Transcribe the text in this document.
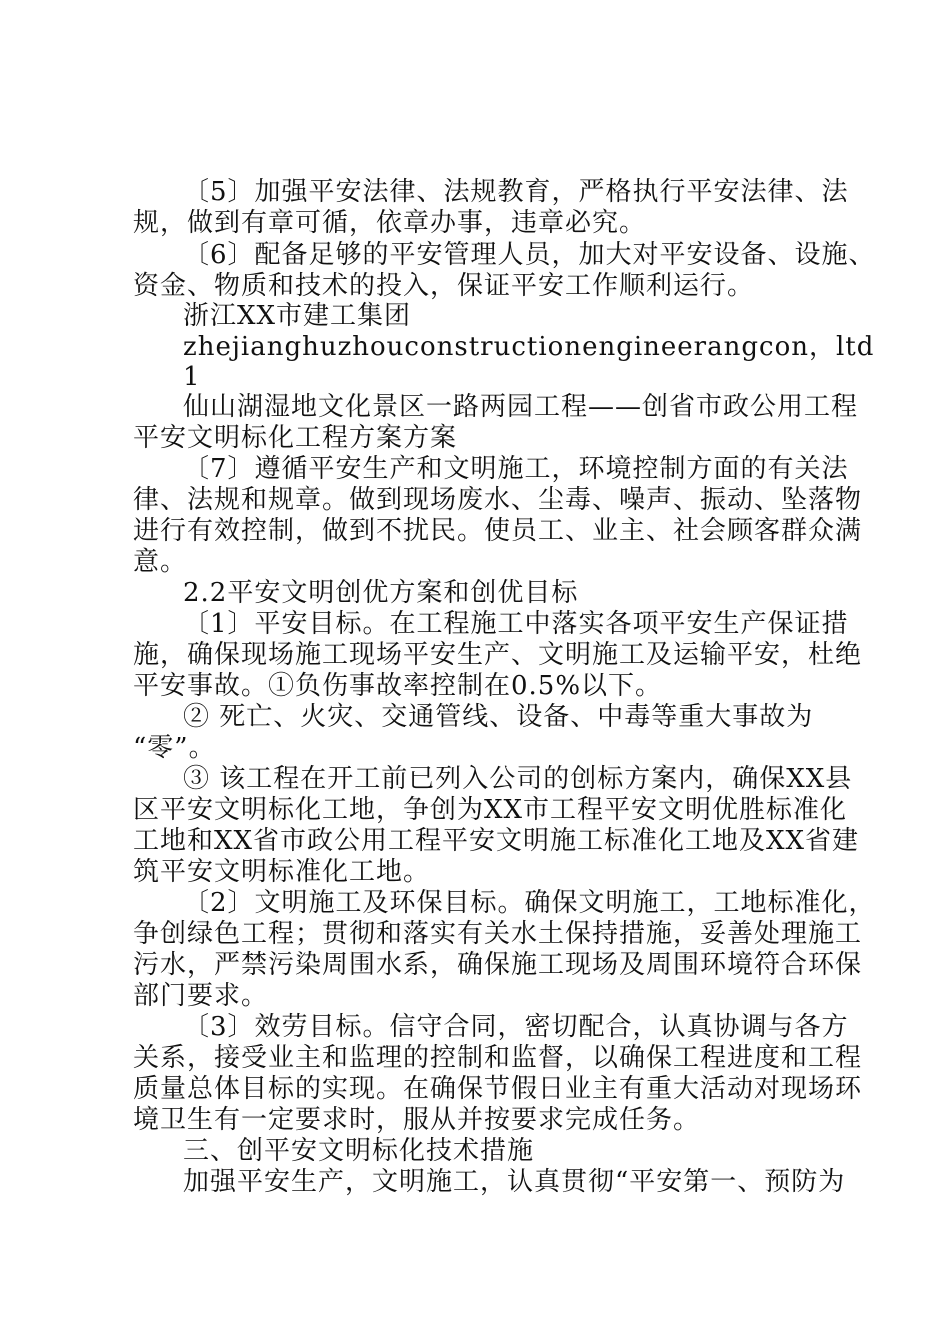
〔5〕加强平安法律、法规教育，严格执行平安法律、法
规，做到有章可循，依章办事，违章必究。
〔6〕配备足够的平安管理人员，加大对平安设备、设施、
资金、物质和技术的投入，保证平安工作顺利运行。
浙江XX市建工集团
zhejianghuzhouconstructionengineerangcon，ltd
1
仙山湖湿地文化景区一路两园工程——创省市政公用工程
平安文明标化工程方案方案
〔7〕遵循平安生产和文明施工，环境控制方面的有关法
律、法规和规章。做到现场废水、尘毒、噪声、振动、坠落物
进行有效控制，做到不扰民。使员工、业主、社会顾客群众满
意。
2.2平安文明创优方案和创优目标
〔1〕平安目标。在工程施工中落实各项平安生产保证措
施，确保现场施工现场平安生产、文明施工及运输平安，杜绝
平安事故。①负伤事故率控制在0.5%以下。
② 死亡、火灾、交通管线、设备、中毒等重大事故为
“零”。
③ 该工程在开工前已列入公司的创标方案内，确保XX县
区平安文明标化工地，争创为XX市工程平安文明优胜标准化
工地和XX省市政公用工程平安文明施工标准化工地及XX省建
筑平安文明标准化工地。
〔2〕文明施工及环保目标。确保文明施工，工地标准化，
争创绿色工程；贯彻和落实有关水土保持措施，妥善处理施工
污水，严禁污染周围水系，确保施工现场及周围环境符合环保
部门要求。
〔3〕效劳目标。信守合同，密切配合，认真协调与各方
关系，接受业主和监理的控制和监督，以确保工程进度和工程
质量总体目标的实现。在确保节假日业主有重大活动对现场环
境卫生有一定要求时，服从并按要求完成任务。
三、创平安文明标化技术措施
加强平安生产，文明施工，认真贯彻“平安第一、预防为
